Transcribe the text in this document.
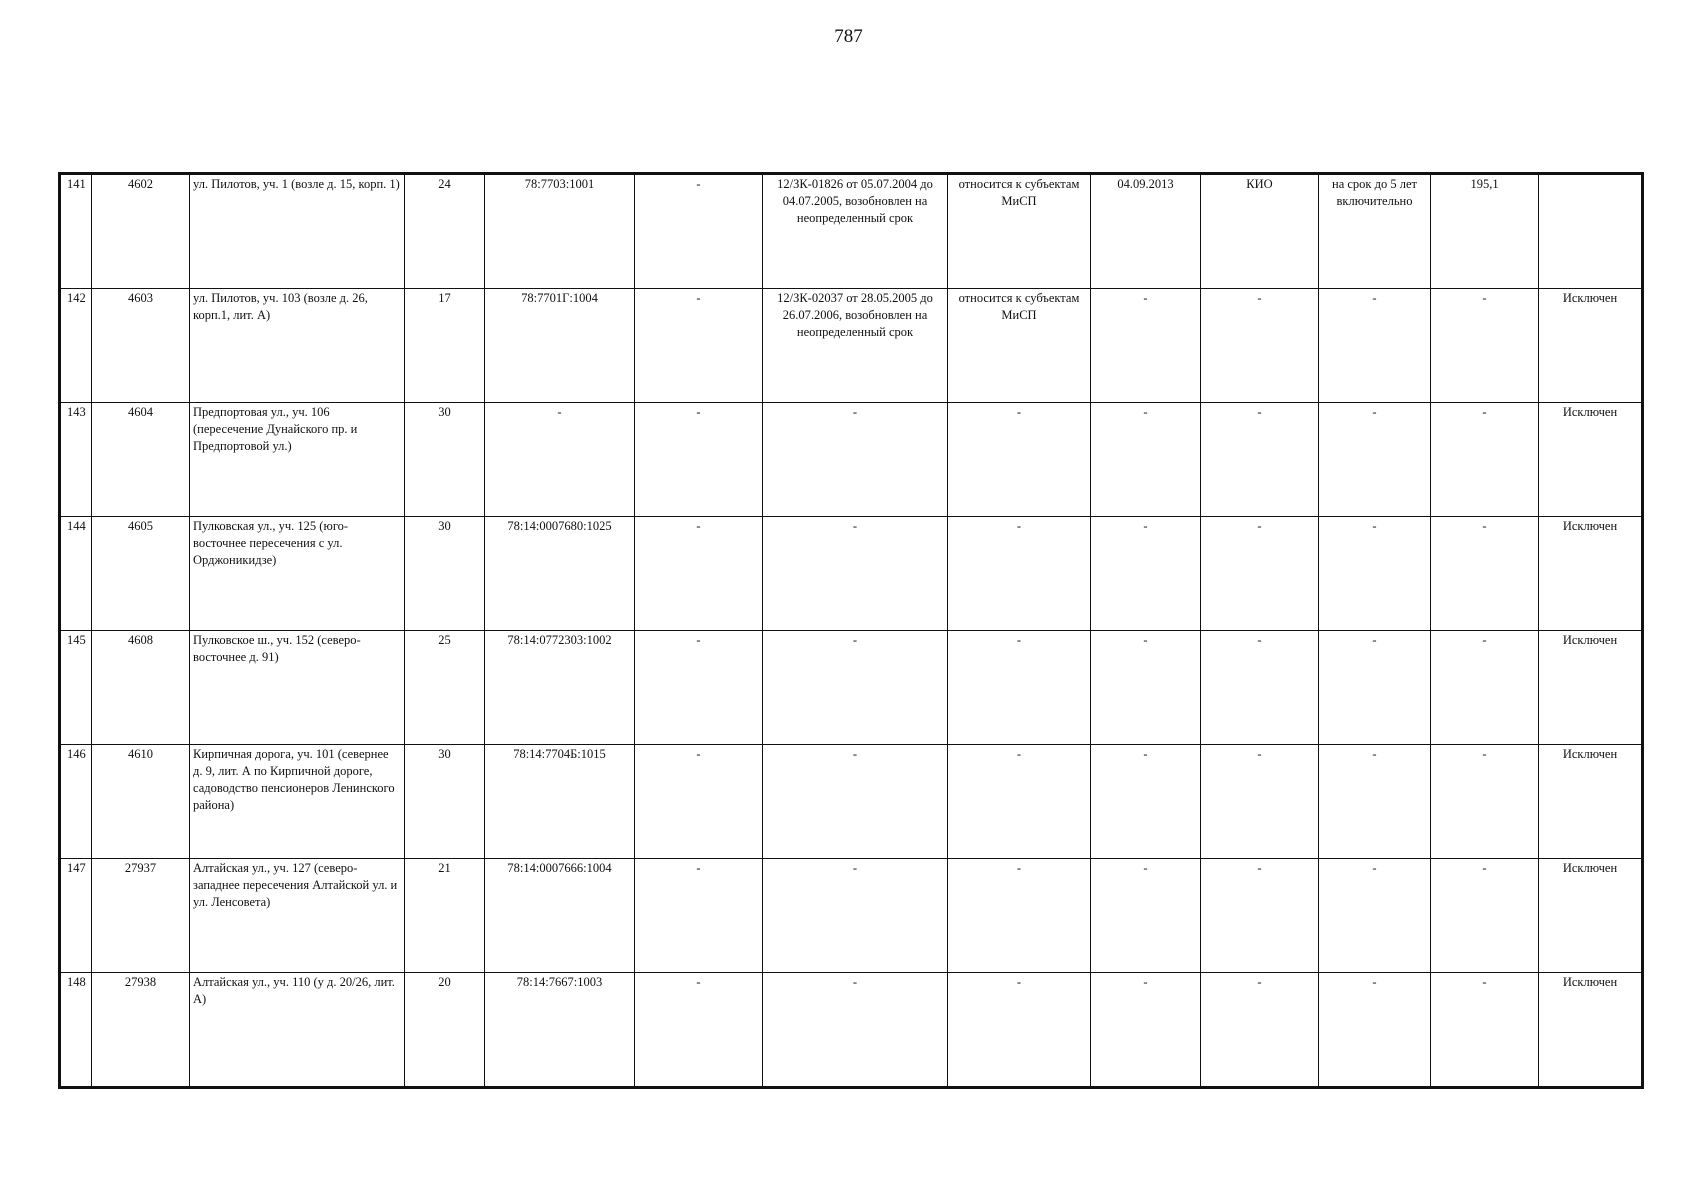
787
141	4602	ул. Пилотов, уч. 1 (возле д. 15, корп. 1)	24	78:7703:1001	-	12/ЗК-01826 от 05.07.2004 до 04.07.2005, возобновлен на неопределенный срок	относится к субъектам МиСП	04.09.2013	КИО	на срок до 5 лет включительно	195,1	
142	4603	ул. Пилотов, уч. 103 (возле д. 26, корп.1, лит. А)	17	78:7701Г:1004	-	12/ЗК-02037 от 28.05.2005 до 26.07.2006, возобновлен на неопределенный срок	относится к субъектам МиСП	-	-	-	-	Исключен
143	4604	Предпортовая ул., уч. 106 (пересечение Дунайского пр. и Предпортовой ул.)	30	-	-	-	-	-	-	-	-	Исключен
144	4605	Пулковская ул., уч. 125 (юго-восточнее пересечения с ул. Орджоникидзе)	30	78:14:0007680:1025	-	-	-	-	-	-	-	Исключен
145	4608	Пулковское ш., уч. 152 (северо-восточнее д. 91)	25	78:14:0772303:1002	-	-	-	-	-	-	-	Исключен
146	4610	Кирпичная дорога, уч. 101 (севернее д. 9, лит. А по Кирпичной дороге, садоводство пенсионеров Ленинского района)	30	78:14:7704Б:1015	-	-	-	-	-	-	-	Исключен
147	27937	Алтайская ул., уч. 127 (северо-западнее пересечения Алтайской ул. и ул. Ленсовета)	21	78:14:0007666:1004	-	-	-	-	-	-	-	Исключен
148	27938	Алтайская ул., уч. 110 (у д. 20/26, лит. А)	20	78:14:7667:1003	-	-	-	-	-	-	-	Исключен
